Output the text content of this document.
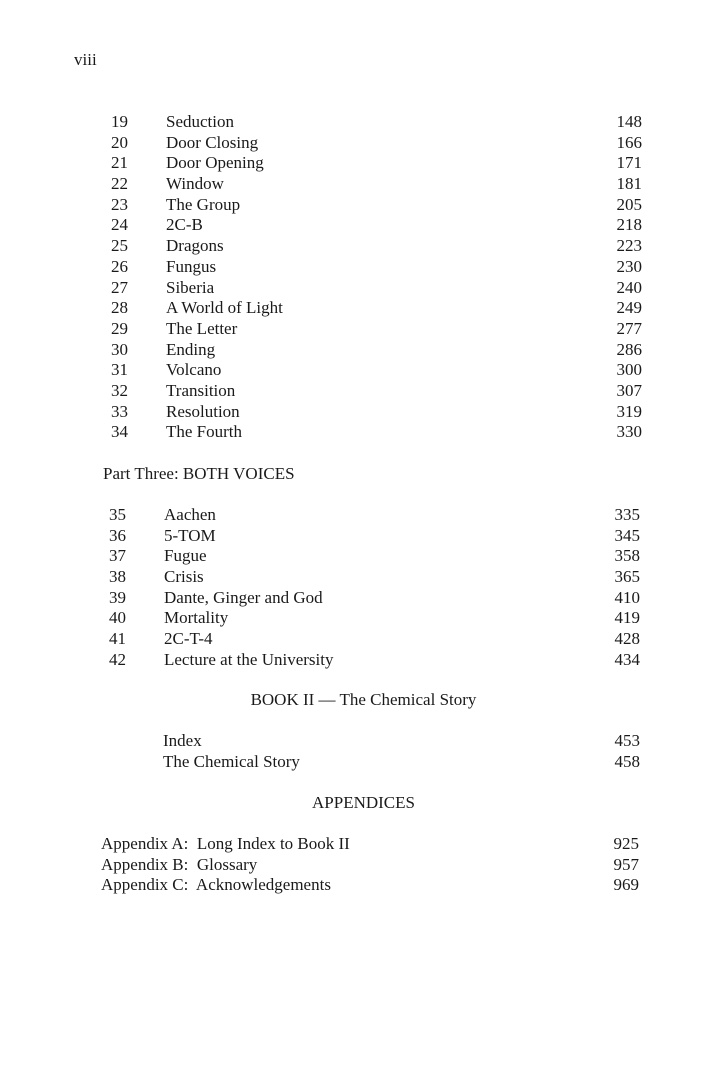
viii
19 Seduction	148
20 Door Closing	166
21 Door Opening	171
22 Window	181
23 The Group	205
24 2C-B	218
25 Dragons	223
26 Fungus	230
27 Siberia	240
28 A World of Light	249
29 The Letter	277
30 Ending	286
31 Volcano	300
32 Transition	307
33 Resolution	319
34 The Fourth	330
Part Three: BOTH VOICES
35 Aachen	335
36 5-TOM	345
37 Fugue	358
38 Crisis	365
39 Dante, Ginger and God	410
40 Mortality	419
41 2C-T-4	428
42 Lecture at the University	434
BOOK II — The Chemical Story
Index	453
The Chemical Story	458
APPENDICES
Appendix A:  Long Index to Book II	925
Appendix B:  Glossary	957
Appendix C:  Acknowledgements	969
